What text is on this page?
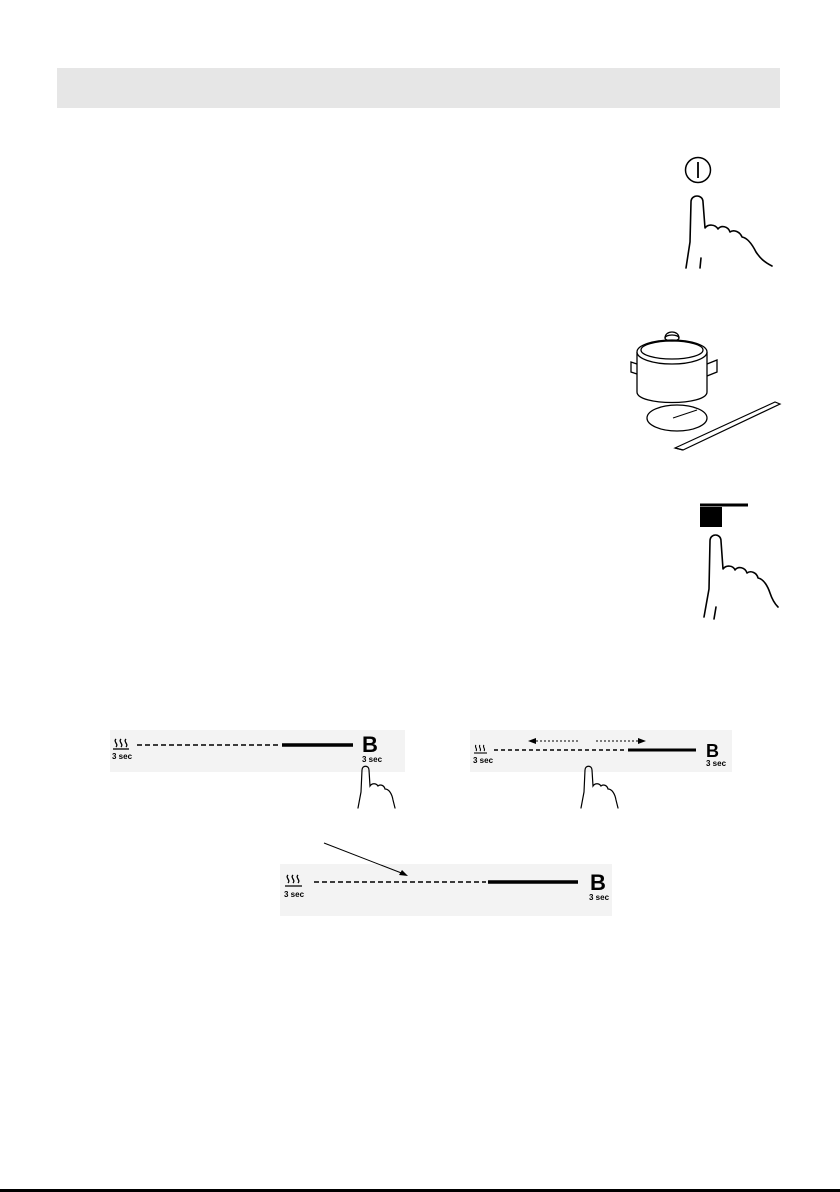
3 sec	B
3 sec	3 sec	B
3 sec
3 sec	B
3 sec
